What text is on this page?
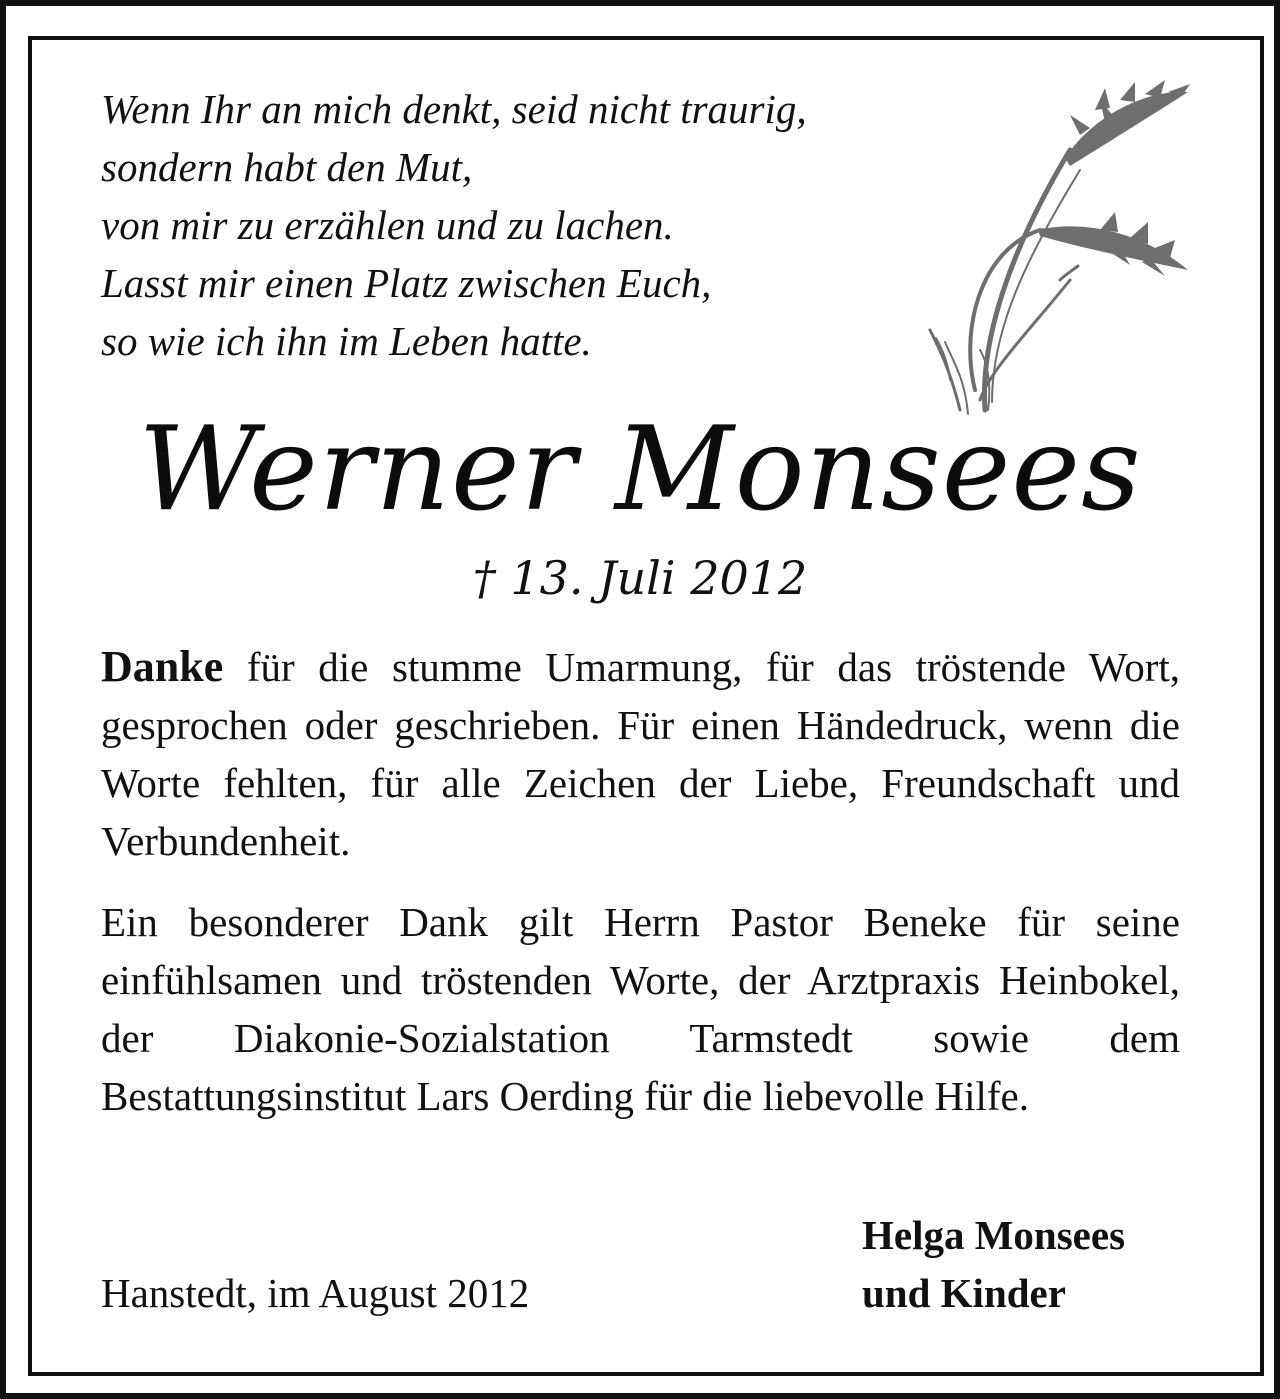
Wenn Ihr an mich denkt, seid nicht traurig,
sondern habt den Mut,
von mir zu erzählen und zu lachen.
Lasst mir einen Platz zwischen Euch,
so wie ich ihn im Leben hatte.
Werner Monsees
† 13. Juli 2012

Danke für die stumme Umarmung, für das tröstende Wort, gesprochen oder geschrieben. Für einen Händedruck, wenn die Worte fehlten, für alle Zeichen der Liebe, Freundschaft und Verbundenheit.

Ein besonderer Dank gilt Herrn Pastor Beneke für seine einfühlsamen und tröstenden Worte, der Arztpraxis Heinbokel, der Diakonie-Sozialstation Tarmstedt sowie dem Bestattungsinstitut Lars Oerding für die liebevolle Hilfe.

Hanstedt, im August 2012
Helga Monsees
und Kinder
